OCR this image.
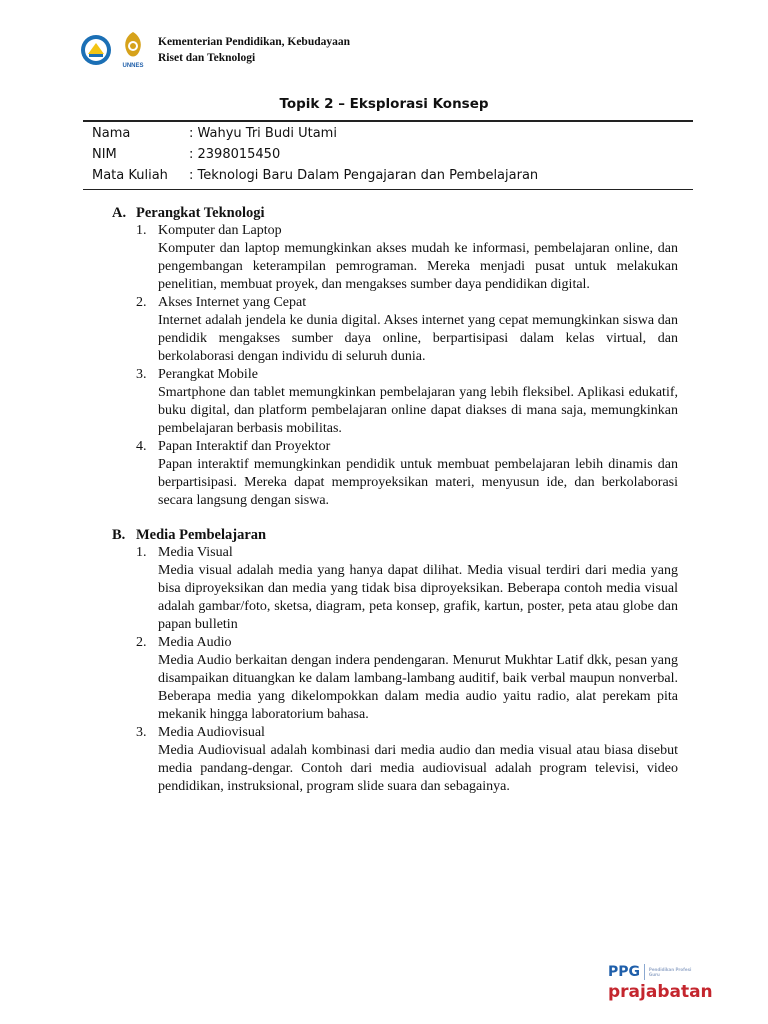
UNNES
Kementerian Pendidikan, Kebudayaan
Riset dan Teknologi
Topik 2 – Eksplorasi Konsep
Nama	: Wahyu Tri Budi Utami
NIM	: 2398015450
Mata Kuliah	: Teknologi Baru Dalam Pengajaran dan Pembelajaran
A. Perangkat Teknologi
1. Komputer dan Laptop
Komputer dan laptop memungkinkan akses mudah ke informasi, pembelajaran online, dan pengembangan keterampilan pemrograman. Mereka menjadi pusat untuk melakukan penelitian, membuat proyek, dan mengakses sumber daya pendidikan digital.
2. Akses Internet yang Cepat
Internet adalah jendela ke dunia digital. Akses internet yang cepat memungkinkan siswa dan pendidik mengakses sumber daya online, berpartisipasi dalam kelas virtual, dan berkolaborasi dengan individu di seluruh dunia.
3. Perangkat Mobile
Smartphone dan tablet memungkinkan pembelajaran yang lebih fleksibel. Aplikasi edukatif, buku digital, dan platform pembelajaran online dapat diakses di mana saja, memungkinkan pembelajaran berbasis mobilitas.
4. Papan Interaktif dan Proyektor
Papan interaktif memungkinkan pendidik untuk membuat pembelajaran lebih dinamis dan berpartisipasi. Mereka dapat memproyeksikan materi, menyusun ide, dan berkolaborasi secara langsung dengan siswa.
B. Media Pembelajaran
1. Media Visual
Media visual adalah media yang hanya dapat dilihat. Media visual terdiri dari media yang bisa diproyeksikan dan media yang tidak bisa diproyeksikan. Beberapa contoh media visual adalah gambar/foto, sketsa, diagram, peta konsep, grafik, kartun, poster, peta atau globe dan papan bulletin
2. Media Audio
Media Audio berkaitan dengan indera pendengaran. Menurut Mukhtar Latif dkk, pesan yang disampaikan dituangkan ke dalam lambang-lambang auditif, baik verbal maupun nonverbal. Beberapa media yang dikelompokkan dalam media audio yaitu radio, alat perekam pita mekanik hingga laboratorium bahasa.
3. Media Audiovisual
Media Audiovisual adalah kombinasi dari media audio dan media visual atau biasa disebut media pandang-dengar. Contoh dari media audiovisual adalah program televisi, video pendidikan, instruksional, program slide suara dan sebagainya.
PPG Pendidikan Profesi Guru
prajabatan
